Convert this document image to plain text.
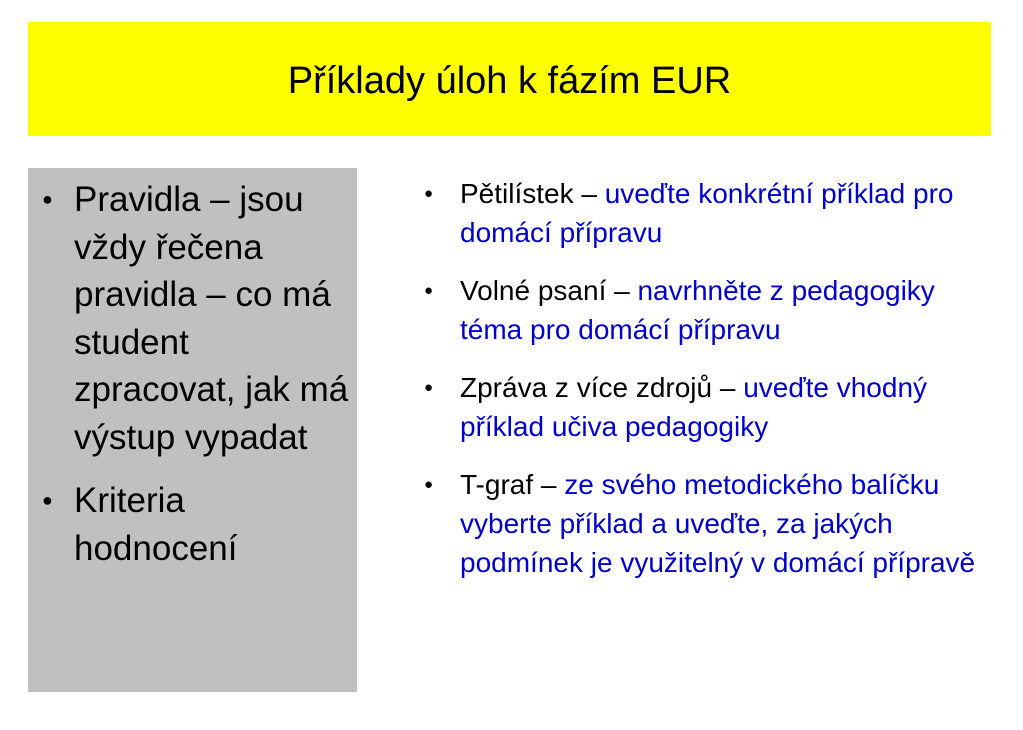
Příklady úloh k fázím EUR
● Pravidla – jsou vždy řečena pravidla – co má student zpracovat, jak má výstup vypadat
● Kriteria hodnocení
● Pětilístek – uveďte konkrétní příklad pro domácí přípravu
● Volné psaní – navrhněte z pedagogiky téma pro domácí přípravu
● Zpráva z více zdrojů – uveďte vhodný příklad učiva pedagogiky
● T-graf – ze svého metodického balíčku vyberte příklad a uveďte, za jakých podmínek je využitelný v domácí přípravě
